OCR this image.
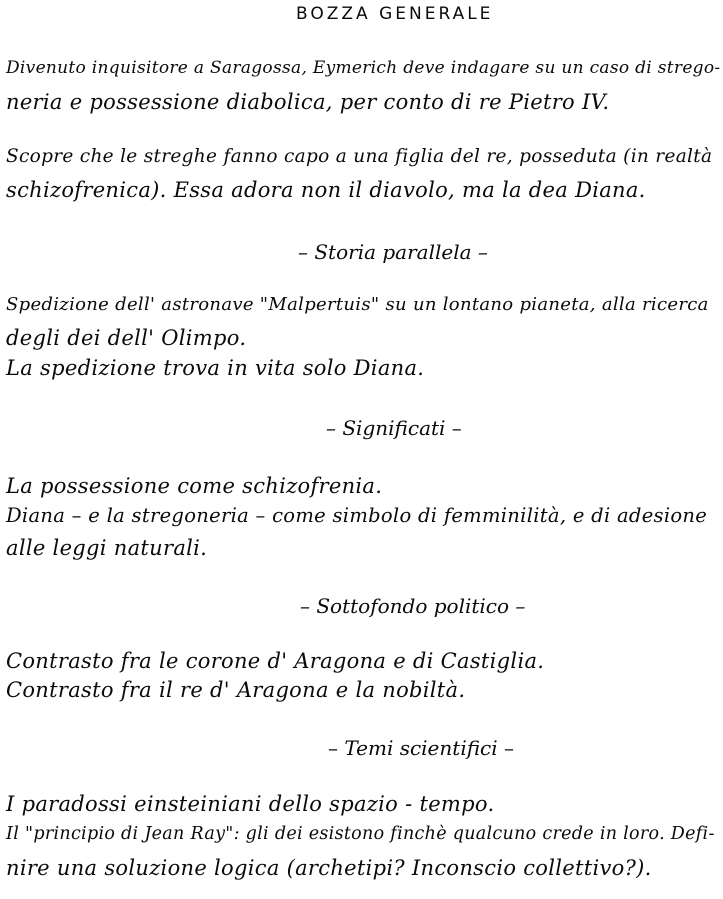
BOZZA GENERALE
Divenuto inquisitore a Saragossa, Eymerich deve indagare su un caso di strego-
neria e possessione diabolica, per conto di re Pietro IV.
Scopre che le streghe fanno capo a una figlia del re, posseduta (in realtà
schizofrenica). Essa adora non il diavolo, ma la dea Diana.
– Storia parallela –
Spedizione dell' astronave "Malpertuis" su un lontano pianeta, alla ricerca
degli dei dell' Olimpo.
La spedizione trova in vita solo Diana.
– Significati –
La possessione come schizofrenia.
Diana – e la stregoneria – come simbolo di femminilità, e di adesione
alle leggi naturali.
– Sottofondo politico –
Contrasto fra le corone d' Aragona e di Castiglia.
Contrasto fra il re d' Aragona e la nobiltà.
– Temi scientifici –
I paradossi einsteiniani dello spazio - tempo.
Il "principio di Jean Ray": gli dei esistono finchè qualcuno crede in loro. Defi-
nire una soluzione logica (archetipi? Inconscio collettivo?).
